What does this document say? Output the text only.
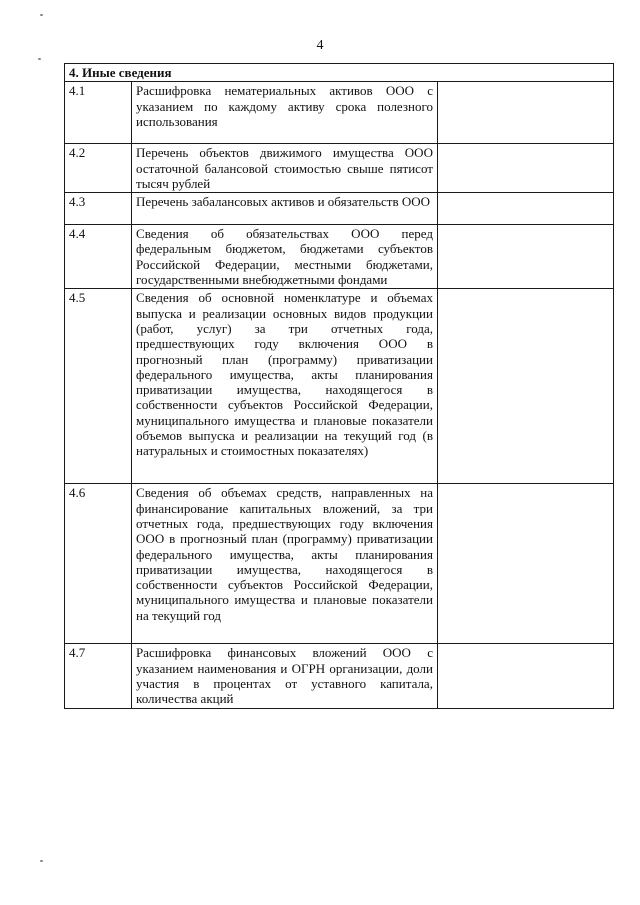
4
4. Иные сведения		
4.1	Расшифровка нематериальных активов ООО с указанием по каждому активу срока полезного использования	
4.2	Перечень объектов движимого имущества ООО остаточной балансовой стоимостью свыше пятисот тысяч рублей	
4.3	Перечень забалансовых активов и обязательств ООО	
4.4	Сведения об обязательствах ООО перед федеральным бюджетом, бюджетами субъектов Российской Федерации, местными бюджетами, государственными внебюджетными фондами	
4.5	Сведения об основной номенклатуре и объемах выпуска и реализации основных видов продукции (работ, услуг) за три отчетных года, предшествующих году включения ООО в прогнозный план (программу) приватизации федерального имущества, акты планирования приватизации имущества, находящегося в собственности субъектов Российской Федерации, муниципального имущества и плановые показатели объемов выпуска и реализации на текущий год (в натуральных и стоимостных показателях)	
4.6	Сведения об объемах средств, направленных на финансирование капитальных вложений, за три отчетных года, предшествующих году включения ООО в прогнозный план (программу) приватизации федерального имущества, акты планирования приватизации имущества, находящегося в собственности субъектов Российской Федерации, муниципального имущества и плановые показатели на текущий год	
4.7	Расшифровка финансовых вложений ООО с указанием наименования и ОГРН организации, доли участия в процентах от уставного капитала, количества акций	
